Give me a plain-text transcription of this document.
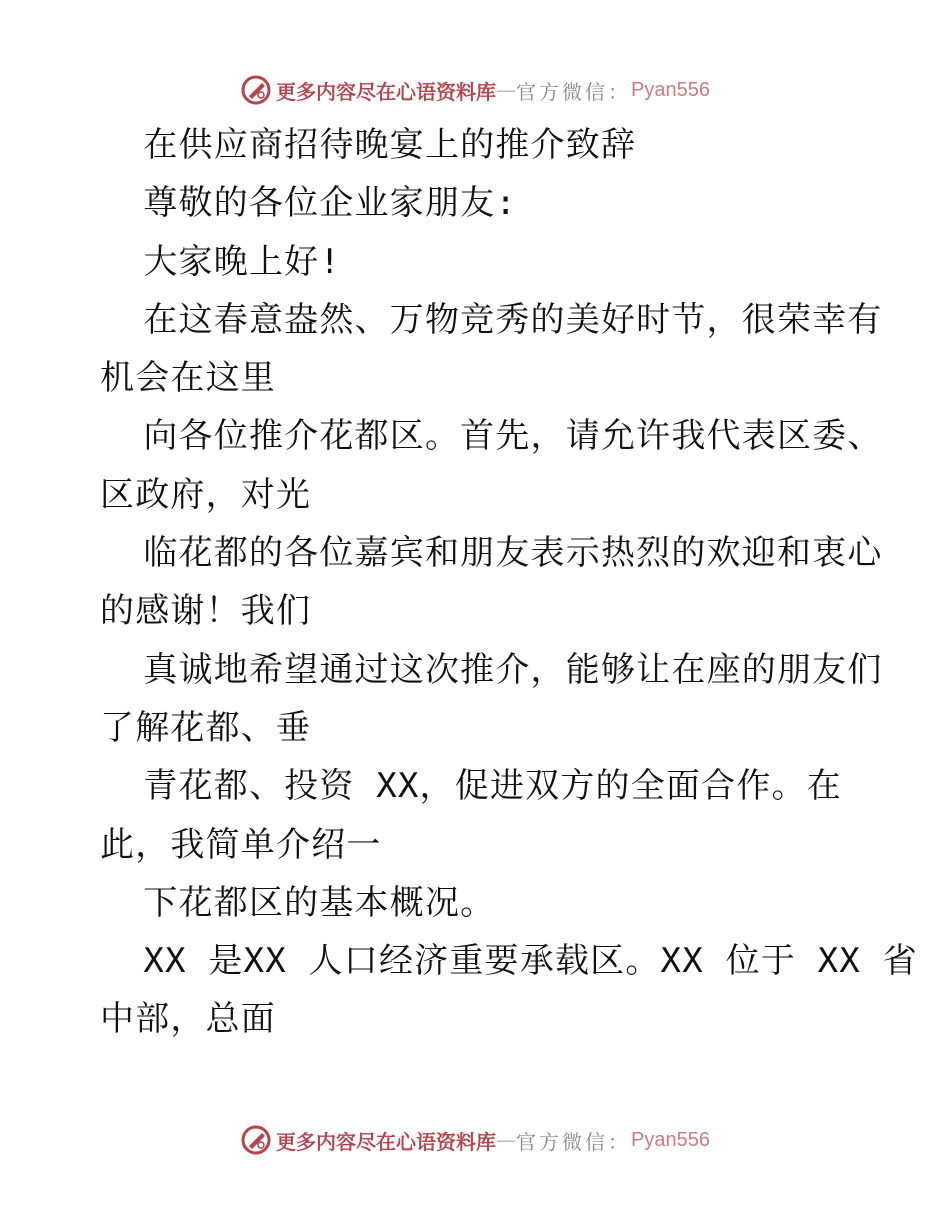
更多内容尽在心语资料库 — 官方微信： Pyan556
在供应商招待晚宴上的推介致辞
尊敬的各位企业家朋友:
大家晚上好!
在这春意盎然、万物竞秀的美好时节，很荣幸有
机会在这里
向各位推介花都区。首先，请允许我代表区委、
区政府，对光
临花都的各位嘉宾和朋友表示热烈的欢迎和衷心
的感谢！我们
真诚地希望通过这次推介，能够让在座的朋友们
了解花都、垂
青花都、投资 XX，促进双方的全面合作。在
此，我简单介绍一
下花都区的基本概况。
XX 是XX 人口经济重要承载区。XX 位于 XX 省
中部，总面
更多内容尽在心语资料库 — 官方微信： Pyan556
